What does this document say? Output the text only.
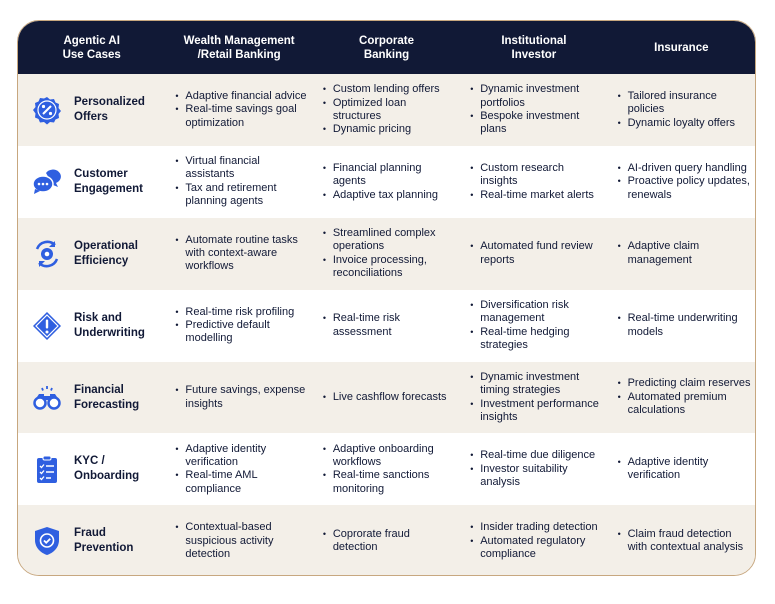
Agentic AI
Use Cases
Wealth Management
/Retail Banking
Corporate
Banking
Institutional
Investor
Insurance
Personalized
Offers
• Adaptive financial advice
• Real-time savings goal optimization
• Custom lending offers
• Optimized loan structures
• Dynamic pricing
• Dynamic investment portfolios
• Bespoke investment plans
• Tailored insurance policies
• Dynamic loyalty offers
Customer
Engagement
• Virtual financial assistants
• Tax and retirement planning agents
• Financial planning agents
• Adaptive tax planning
• Custom research insights
• Real-time market alerts
• AI-driven query handling
• Proactive policy updates, renewals
Operational
Efficiency
• Automate routine tasks with context-aware workflows
• Streamlined complex operations
• Invoice processing, reconciliations
• Automated fund review reports
• Adaptive claim management
Risk and
Underwriting
• Real-time risk profiling
• Predictive default modelling
• Real-time risk assessment
• Diversification risk management
• Real-time hedging strategies
• Real-time underwriting models
Financial
Forecasting
• Future savings, expense insights
• Live cashflow forecasts
• Dynamic investment timing strategies
• Investment performance insights
• Predicting claim reserves
• Automated premium calculations
KYC /
Onboarding
• Adaptive identity verification
• Real-time AML compliance
• Adaptive onboarding workflows
• Real-time sanctions monitoring
• Real-time due diligence
• Investor suitability analysis
• Adaptive identity verification
Fraud
Prevention
• Contextual-based suspicious activity detection
• Coprorate fraud detection
• Insider trading detection
• Automated regulatory compliance
• Claim fraud detection with contextual analysis
